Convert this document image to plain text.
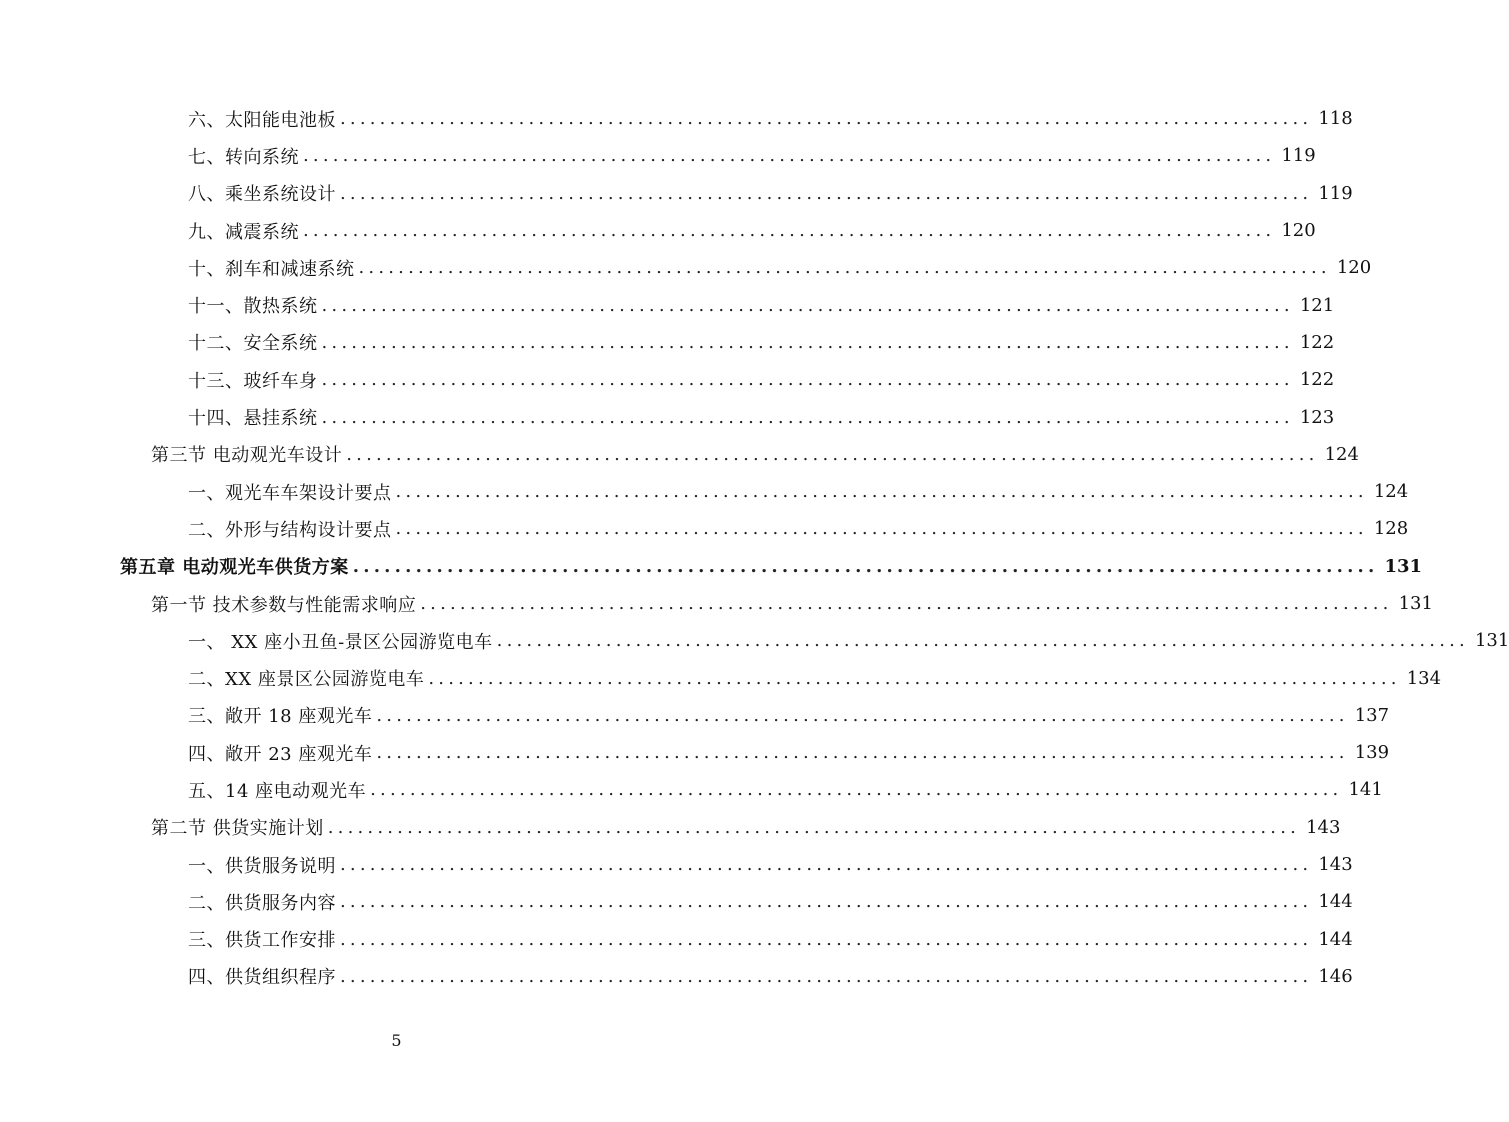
六、太阳能电池板 .................................................................................................. 118
七、转向系统 .................................................................................................. 119
八、乘坐系统设计 .................................................................................................. 119
九、减震系统 .................................................................................................. 120
十、刹车和减速系统 .................................................................................................. 120
十一、散热系统 .................................................................................................. 121
十二、安全系统 .................................................................................................. 122
十三、玻纤车身 .................................................................................................. 122
十四、悬挂系统 .................................................................................................. 123
第三节 电动观光车设计 .................................................................................................. 124
一、观光车车架设计要点 .................................................................................................. 124
二、外形与结构设计要点 .................................................................................................. 128
第五章 电动观光车供货方案 .................................................................................................. 131
第一节 技术参数与性能需求响应 .................................................................................................. 131
一、 XX 座小丑鱼-景区公园游览电车 .................................................................................................. 131
二、XX 座景区公园游览电车 .................................................................................................. 134
三、敞开 18 座观光车 .................................................................................................. 137
四、敞开 23 座观光车 .................................................................................................. 139
五、14 座电动观光车 .................................................................................................. 141
第二节 供货实施计划 .................................................................................................. 143
一、供货服务说明 .................................................................................................. 143
二、供货服务内容 .................................................................................................. 144
三、供货工作安排 .................................................................................................. 144
四、供货组织程序 .................................................................................................. 146
5
